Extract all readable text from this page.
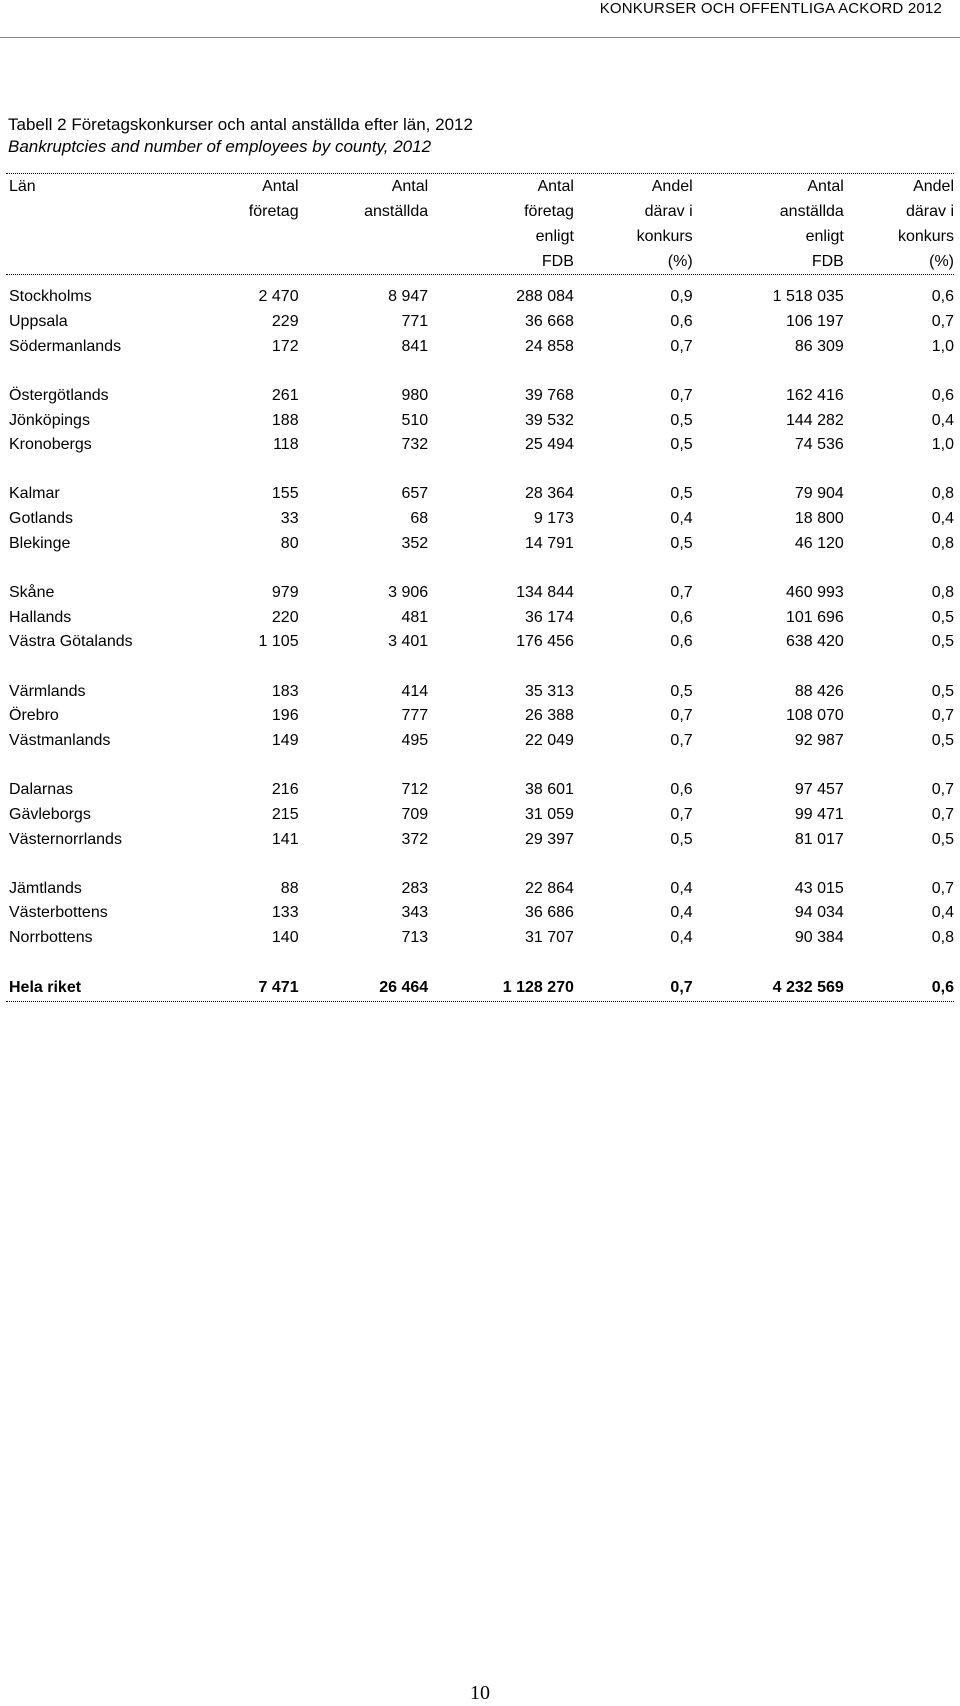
KONKURSER OCH OFFENTLIGA ACKORD 2012
Tabell 2 Företagskonkurser och antal anställda efter län, 2012
Bankruptcies and number of employees by county, 2012
Län	Antal	Antal	Antal	Andel	Antal	Andel
	företag	anställda	företag	därav i	anställda	därav i
			enligt	konkurs	enligt	konkurs
			FDB	(%)	FDB	(%)

Stockholms	2 470	8 947	288 084	0,9	1 518 035	0,6
Uppsala	229	771	36 668	0,6	106 197	0,7
Södermanlands	172	841	24 858	0,7	86 309	1,0

Östergötlands	261	980	39 768	0,7	162 416	0,6
Jönköpings	188	510	39 532	0,5	144 282	0,4
Kronobergs	118	732	25 494	0,5	74 536	1,0

Kalmar	155	657	28 364	0,5	79 904	0,8
Gotlands	33	68	9 173	0,4	18 800	0,4
Blekinge	80	352	14 791	0,5	46 120	0,8

Skåne	979	3 906	134 844	0,7	460 993	0,8
Hallands	220	481	36 174	0,6	101 696	0,5
Västra Götalands	1 105	3 401	176 456	0,6	638 420	0,5

Värmlands	183	414	35 313	0,5	88 426	0,5
Örebro	196	777	26 388	0,7	108 070	0,7
Västmanlands	149	495	22 049	0,7	92 987	0,5

Dalarnas	216	712	38 601	0,6	97 457	0,7
Gävleborgs	215	709	31 059	0,7	99 471	0,7
Västernorrlands	141	372	29 397	0,5	81 017	0,5

Jämtlands	88	283	22 864	0,4	43 015	0,7
Västerbottens	133	343	36 686	0,4	94 034	0,4
Norrbottens	140	713	31 707	0,4	90 384	0,8

Hela riket	7 471	26 464	1 128 270	0,7	4 232 569	0,6
10
